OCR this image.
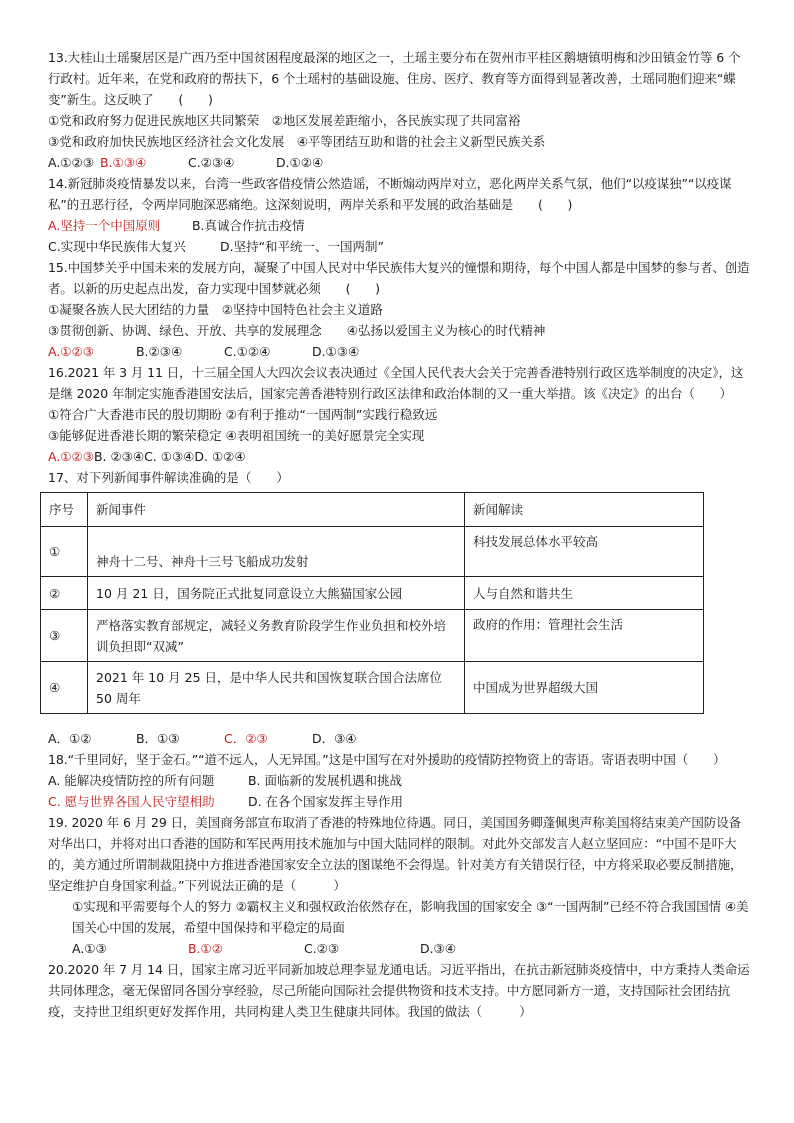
13.大桂山土瑶聚居区是广西乃至中国贫困程度最深的地区之一，土瑶主要分布在贺州市平桂区鹅塘镇明梅和沙田镇金竹等 6 个行政村。近年来，在党和政府的帮扶下，6 个土瑶村的基础设施、住房、医疗、教育等方面得到显著改善，土瑶同胞们迎来“蝶变”新生。这反映了　　(　　)

①党和政府努力促进民族地区共同繁荣　②地区发展差距缩小，各民族实现了共同富裕

③党和政府加快民族地区经济社会文化发展　④平等团结互助和谐的社会主义新型民族关系

A.①②③ B.①③④	C.②③④	D.①②④

14.新冠肺炎疫情暴发以来，台湾一些政客借疫情公然造谣，不断煽动两岸对立，恶化两岸关系气氛，他们“以疫谋独”“以疫谋私”的丑恶行径，令两岸同胞深恶痛绝。这深刻说明，两岸关系和平发展的政治基础是　　(　　)

A.坚持一个中国原则	B.真诚合作抗击疫情

C.实现中华民族伟大复兴	D.坚持“和平统一、一国两制”

15.中国梦关乎中国未来的发展方向，凝聚了中国人民对中华民族伟大复兴的憧憬和期待，每个中国人都是中国梦的参与者、创造者。以新的历史起点出发，奋力实现中国梦就必须　　(　　)

①凝聚各族人民大团结的力量　②坚持中国特色社会主义道路

③贯彻创新、协调、绿色、开放、共享的发展理念　　④弘扬以爱国主义为核心的时代精神

A.①②③	B.②③④	C.①②④	D.①③④

16.2021 年 3 月 11 日，十三届全国人大四次会议表决通过《全国人民代表大会关于完善香港特别行政区选举制度的决定》，这是继 2020 年制定实施香港国安法后，国家完善香港特别行政区法律和政治体制的又一重大举措。该《决定》的出台（　　）

①符合广大香港市民的殷切期盼 ②有利于推动“一国两制”实践行稳致远

③能够促进香港长期的繁荣稳定 ④表明祖国统一的美好愿景完全实现

A.①②③B. ②③④C. ①③④D. ①②④

17、对下列新闻事件解读准确的是（　　）

序号	新闻事件	新闻解读
①	神舟十二号、神舟十三号飞船成功发射	科技发展总体水平较高
②	10 月 21 日，国务院正式批复同意设立大熊猫国家公园	人与自然和谐共生
③	严格落实教育部规定，减轻义务教育阶段学生作业负担和校外培训负担即“双减”	政府的作用：管理社会生活
④	2021 年 10 月 25 日，是中华人民共和国恢复联合国合法席位 50 周年	中国成为世界超级大国

A．①②	B．①③	C．②③	D．③④

18.“千里同好，坚于金石。”“道不远人，人无异国。”这是中国写在对外援助的疫情防控物资上的寄语。寄语表明中国（　　）

A. 能解决疫情防控的所有问题	B. 面临新的发展机遇和挑战

C. 愿与世界各国人民守望相助	D. 在各个国家发挥主导作用

19. 2020 年 6 月 29 日，美国商务部宣布取消了香港的特殊地位待遇。同日，美国国务卿蓬佩奥声称美国将结束美产国防设备对华出口，并将对出口香港的国防和军民两用技术施加与中国大陆同样的限制。对此外交部发言人赵立坚回应：“中国不是吓大的，美方通过所谓制裁阻挠中方推进香港国家安全立法的图谋绝不会得逞。针对美方有关错误行径，中方将采取必要反制措施，坚定维护自身国家利益。”下列说法正确的是（　　　）

①实现和平需要每个人的努力 ②霸权主义和强权政治依然存在，影响我国的国家安全 ③“一国两制”已经不符合我国国情 ④美国关心中国的发展，希望中国保持和平稳定的局面

A.①③	B.①②	C.②③	D.③④

20.2020 年 7 月 14 日，国家主席习近平同新加坡总理李显龙通电话。习近平指出，在抗击新冠肺炎疫情中，中方秉持人类命运共同体理念，毫无保留同各国分享经验，尽己所能向国际社会提供物资和技术支持。中方愿同新方一道，支持国际社会团结抗疫，支持世卫组织更好发挥作用，共同构建人类卫生健康共同体。我国的做法（　　　）
